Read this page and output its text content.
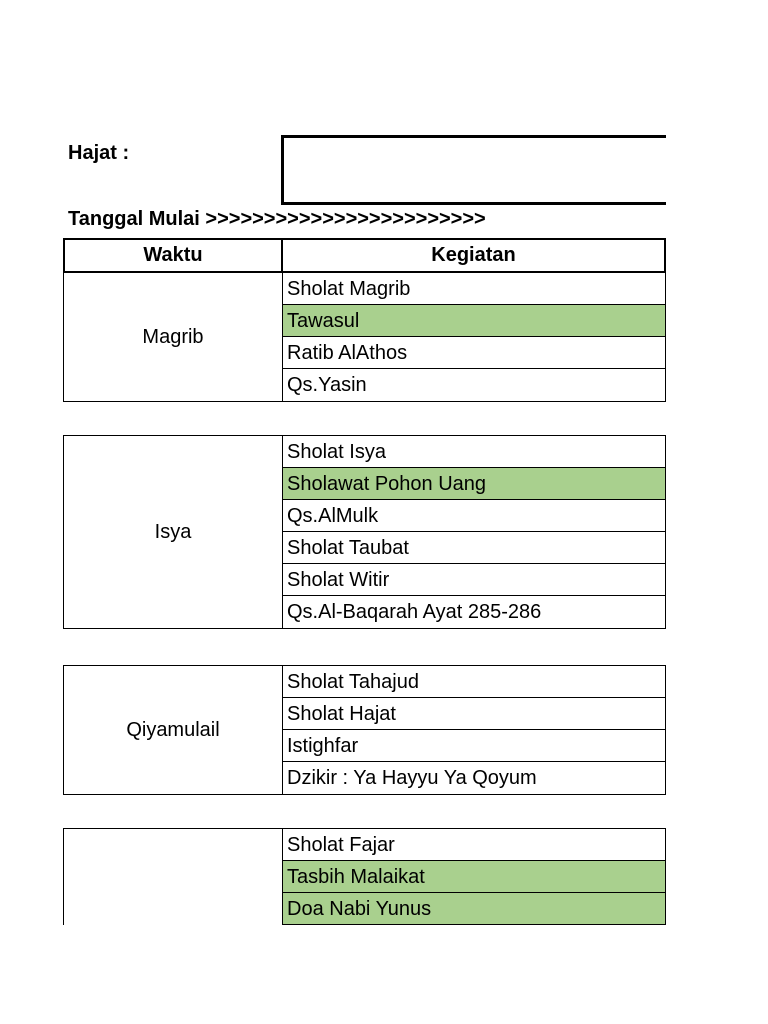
Hajat :
Tanggal Mulai >>>>>>>>>>>>>>>>>>>>>>>>
Waktu	Kegiatan
Magrib
Sholat Magrib
Tawasul
Ratib AlAthos
Qs.Yasin
Isya
Sholat Isya
Sholawat Pohon Uang
Qs.AlMulk
Sholat Taubat
Sholat Witir
Qs.Al-Baqarah Ayat 285-286
Qiyamulail
Sholat Tahajud
Sholat Hajat
Istighfar
Dzikir : Ya Hayyu Ya Qoyum
Sholat Fajar
Tasbih Malaikat
Doa Nabi Yunus
